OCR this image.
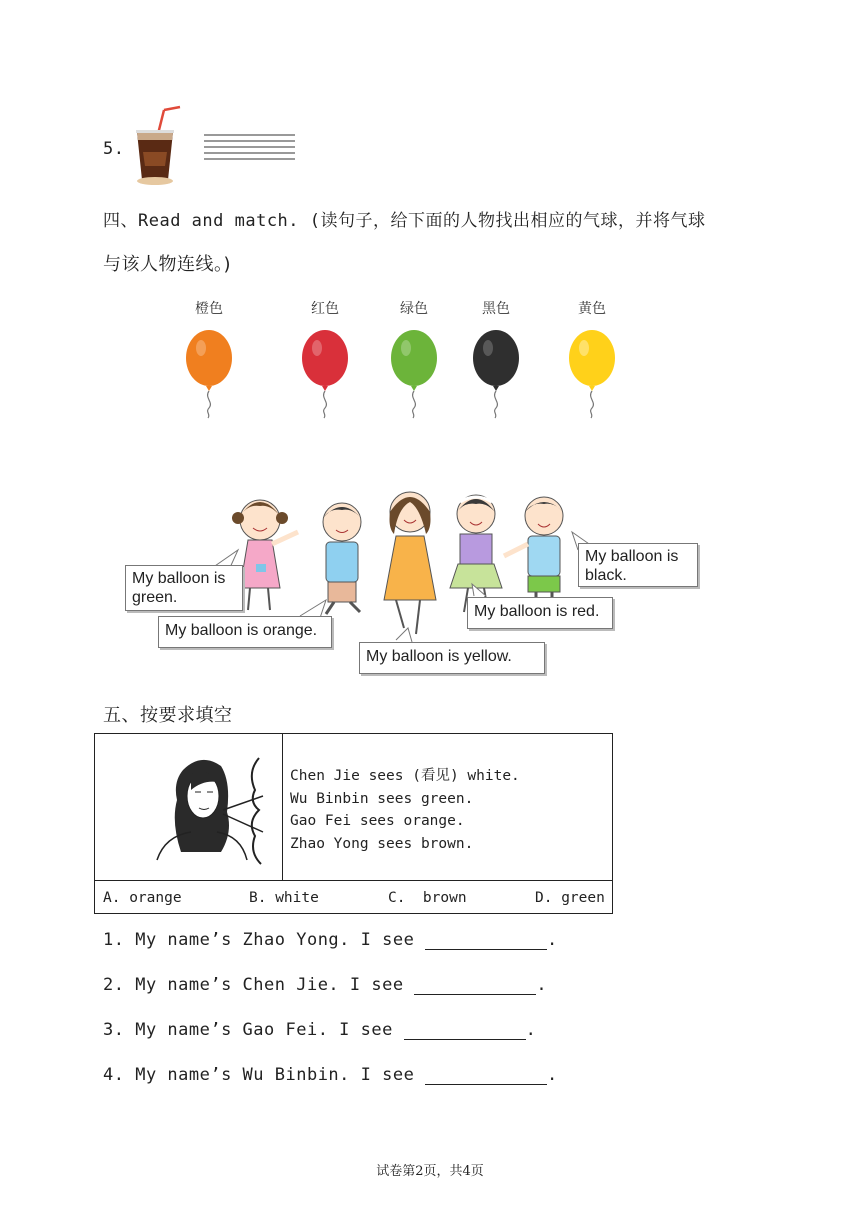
5.
四、Read and match. (读句子，给下面的人物找出相应的气球，并将气球
与该人物连线。)
橙色	红色	绿色	黑色	黄色
My balloon is green.
My balloon is orange.
My balloon is yellow.
My balloon is red.
My balloon is black.
五、按要求填空
Chen Jie sees (看见) white.
Wu Binbin sees green.
Gao Fei sees orange.
Zhao Yong sees brown.
A. orange	B. white	C.  brown	D. green
1. My name’s Zhao Yong. I see	.
2. My name’s Chen Jie. I see	.
3. My name’s Gao Fei. I see	.
4. My name’s Wu Binbin. I see	.
试卷第2页，共4页
